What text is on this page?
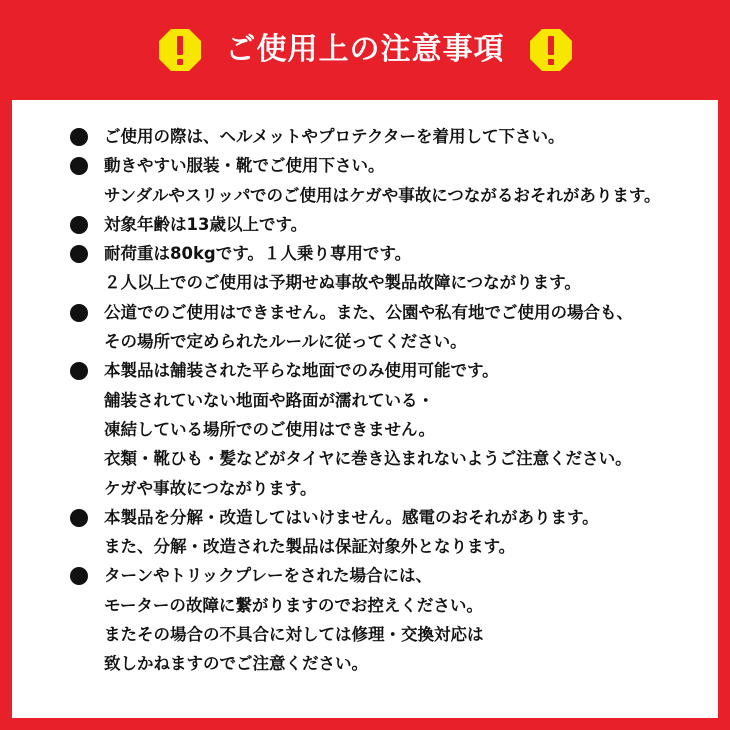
ご使用上の注意事項
ご使用の際は、ヘルメットやプロテクターを着用して下さい。
動きやすい服装・靴でご使用下さい。
サンダルやスリッパでのご使用はケガや事故につながるおそれがあります。
対象年齢は13歳以上です。
耐荷重は80kgです。１人乗り専用です。
２人以上でのご使用は予期せぬ事故や製品故障につながります。
公道でのご使用はできません。また、公園や私有地でご使用の場合も、
その場所で定められたルールに従ってください。
本製品は舗装された平らな地面でのみ使用可能です。
舗装されていない地面や路面が濡れている・
凍結している場所でのご使用はできません。
衣類・靴ひも・髪などがタイヤに巻き込まれないようご注意ください。
ケガや事故につながります。
本製品を分解・改造してはいけません。感電のおそれがあります。
また、分解・改造された製品は保証対象外となります。
ターンやトリックプレーをされた場合には、
モーターの故障に繋がりますのでお控えください。
またその場合の不具合に対しては修理・交換対応は
致しかねますのでご注意ください。
